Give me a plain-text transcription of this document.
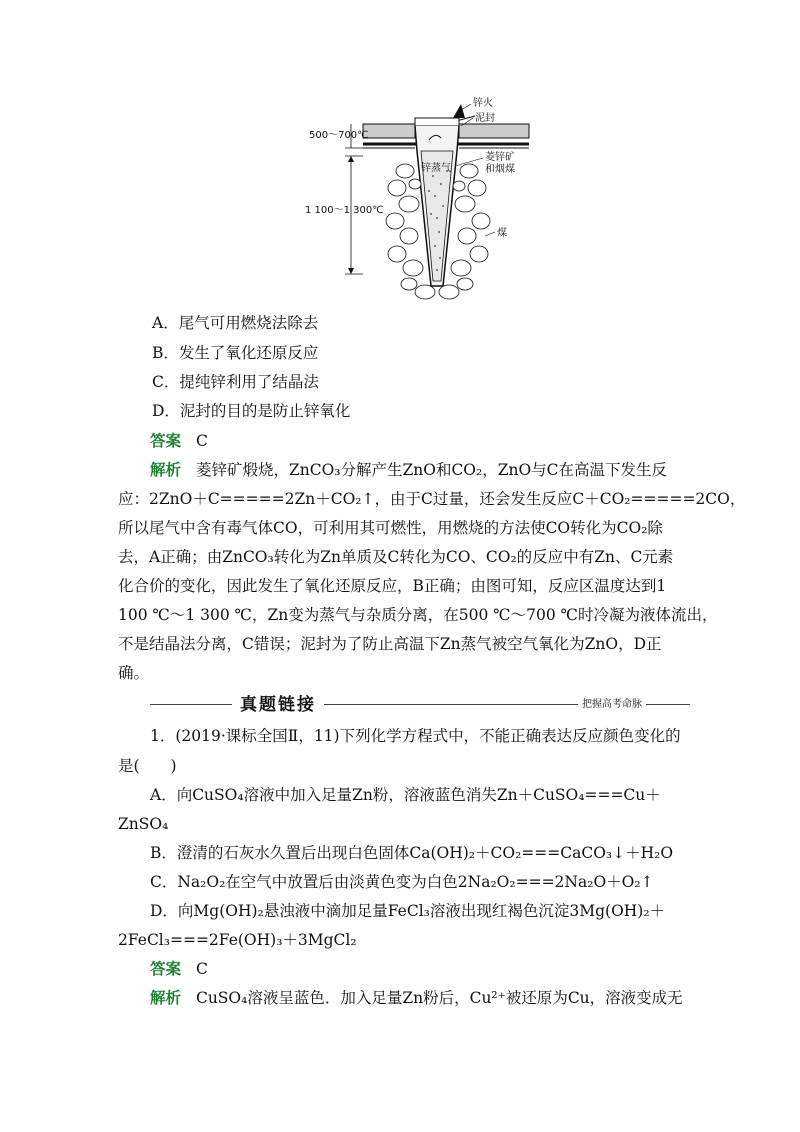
锌火
泥封
500～700℃
锌蒸气
菱锌矿
和烟煤
1 100～1 300℃
煤
A．尾气可用燃烧法除去
B．发生了氧化还原反应
C．提纯锌利用了结晶法
D．泥封的目的是防止锌氧化
答案 C
解析 菱锌矿煅烧，ZnCO₃分解产生ZnO和CO₂，ZnO与C在高温下发生反
应：2ZnO＋C=====2Zn＋CO₂↑，由于C过量，还会发生反应C＋CO₂=====2CO，
所以尾气中含有毒气体CO，可利用其可燃性，用燃烧的方法使CO转化为CO₂除
去，A正确；由ZnCO₃转化为Zn单质及C转化为CO、CO₂的反应中有Zn、C元素
化合价的变化，因此发生了氧化还原反应，B正确；由图可知，反应区温度达到1
100 ℃～1 300 ℃，Zn变为蒸气与杂质分离，在500 ℃～700 ℃时冷凝为液体流出，
不是结晶法分离，C错误；泥封为了防止高温下Zn蒸气被空气氧化为ZnO，D正
确。
真题链接	把握高考命脉
1．(2019·课标全国Ⅱ，11)下列化学方程式中，不能正确表达反应颜色变化的
是(　　)
A．向CuSO₄溶液中加入足量Zn粉，溶液蓝色消失Zn＋CuSO₄===Cu＋
ZnSO₄
B．澄清的石灰水久置后出现白色固体Ca(OH)₂＋CO₂===CaCO₃↓＋H₂O
C．Na₂O₂在空气中放置后由淡黄色变为白色2Na₂O₂===2Na₂O＋O₂↑
D．向Mg(OH)₂悬浊液中滴加足量FeCl₃溶液出现红褐色沉淀3Mg(OH)₂＋
2FeCl₃===2Fe(OH)₃＋3MgCl₂
答案 C
解析 CuSO₄溶液呈蓝色．加入足量Zn粉后，Cu²⁺被还原为Cu，溶液变成无
